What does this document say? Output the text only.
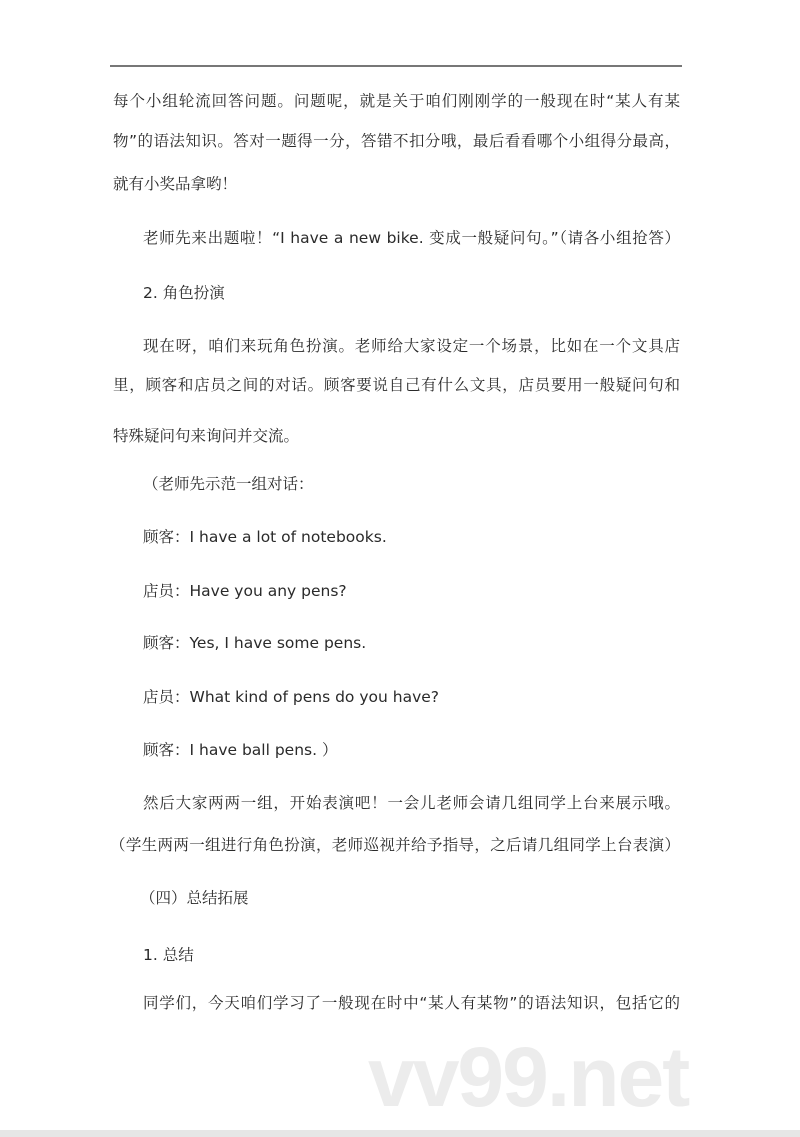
每个小组轮流回答问题。问题呢，就是关于咱们刚刚学的一般现在时“某人有某
物”的语法知识。答对一题得一分，答错不扣分哦，最后看看哪个小组得分最高，
就有小奖品拿哟！
老师先来出题啦！“I have a new bike. 变成一般疑问句。”（请各小组抢答）
2. 角色扮演
现在呀，咱们来玩角色扮演。老师给大家设定一个场景，比如在一个文具店
里，顾客和店员之间的对话。顾客要说自己有什么文具，店员要用一般疑问句和
特殊疑问句来询问并交流。
（老师先示范一组对话：
顾客：I have a lot of notebooks.
店员：Have you any pens?
顾客：Yes, I have some pens.
店员：What kind of pens do you have?
顾客：I have ball pens. ）
然后大家两两一组，开始表演吧！一会儿老师会请几组同学上台来展示哦。
（学生两两一组进行角色扮演，老师巡视并给予指导，之后请几组同学上台表演）
（四）总结拓展
1. 总结
同学们，今天咱们学习了一般现在时中“某人有某物”的语法知识，包括它的
vv99.net
